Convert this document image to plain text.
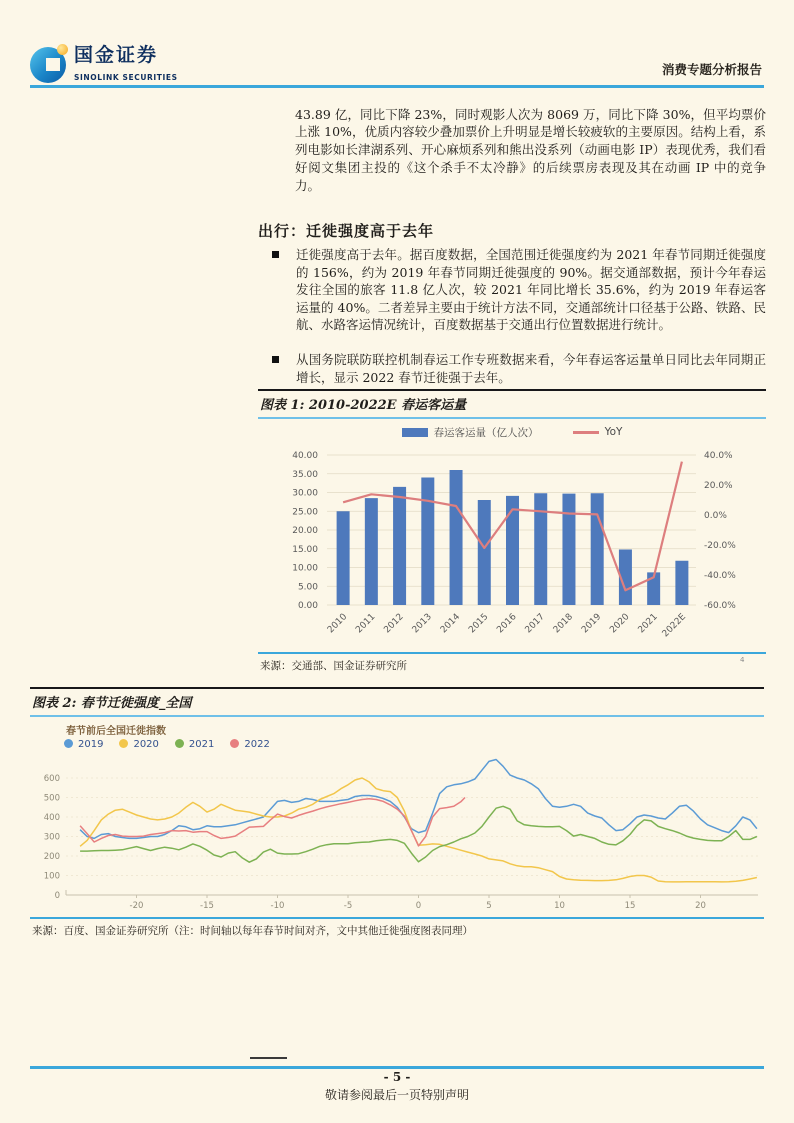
国金证券
SINOLINK SECURITIES
消费专题分析报告

43.89 亿，同比下降 23%，同时观影人次为 8069 万，同比下降 30%，但平均票价上涨 10%，优质内容较少叠加票价上升明显是增长较疲软的主要原因。结构上看，系列电影如长津湖系列、开心麻烦系列和熊出没系列（动画电影 IP）表现优秀，我们看好阅文集团主投的《这个杀手不太冷静》的后续票房表现及其在动画 IP 中的竞争力。

出行：迁徙强度高于去年
迁徙强度高于去年。据百度数据，全国范围迁徙强度约为 2021 年春节同期迁徙强度的 156%，约为 2019 年春节同期迁徙强度的 90%。据交通部数据，预计今年春运发往全国的旅客 11.8 亿人次，较 2021 年同比增长 35.6%，约为 2019 年春运客运量的 40%。二者差异主要由于统计方法不同，交通部统计口径基于公路、铁路、民航、水路客运情况统计，百度数据基于交通出行位置数据进行统计。
从国务院联防联控机制春运工作专班数据来看，今年春运客运量单日同比去年同期正增长，显示 2022 春节迁徙强于去年。
图表 1: 2010-2022E 春运客运量
春运客运量（亿人次）	YoY
0.00
5.00
10.00
15.00
20.00
25.00
30.00
35.00
40.00	40.0%
20.0%
0.0%
-20.0%
-40.0%
-60.0%
2010 2011 2012 2013 2014 2015 2016 2017 2018 2019 2020 2021 2022E
4
来源：交通部、国金证券研究所
图表 2: 春节迁徙强度_全国
春节前后全国迁徙指数
2019	2020	2021	2022
0
100
200
300
400
500
600
-20	-15	-10	-5	0	5	10	15	20
来源：百度、国金证券研究所（注：时间轴以每年春节时间对齐，文中其他迁徙强度图表同理）
- 5 -
敬请参阅最后一页特别声明
